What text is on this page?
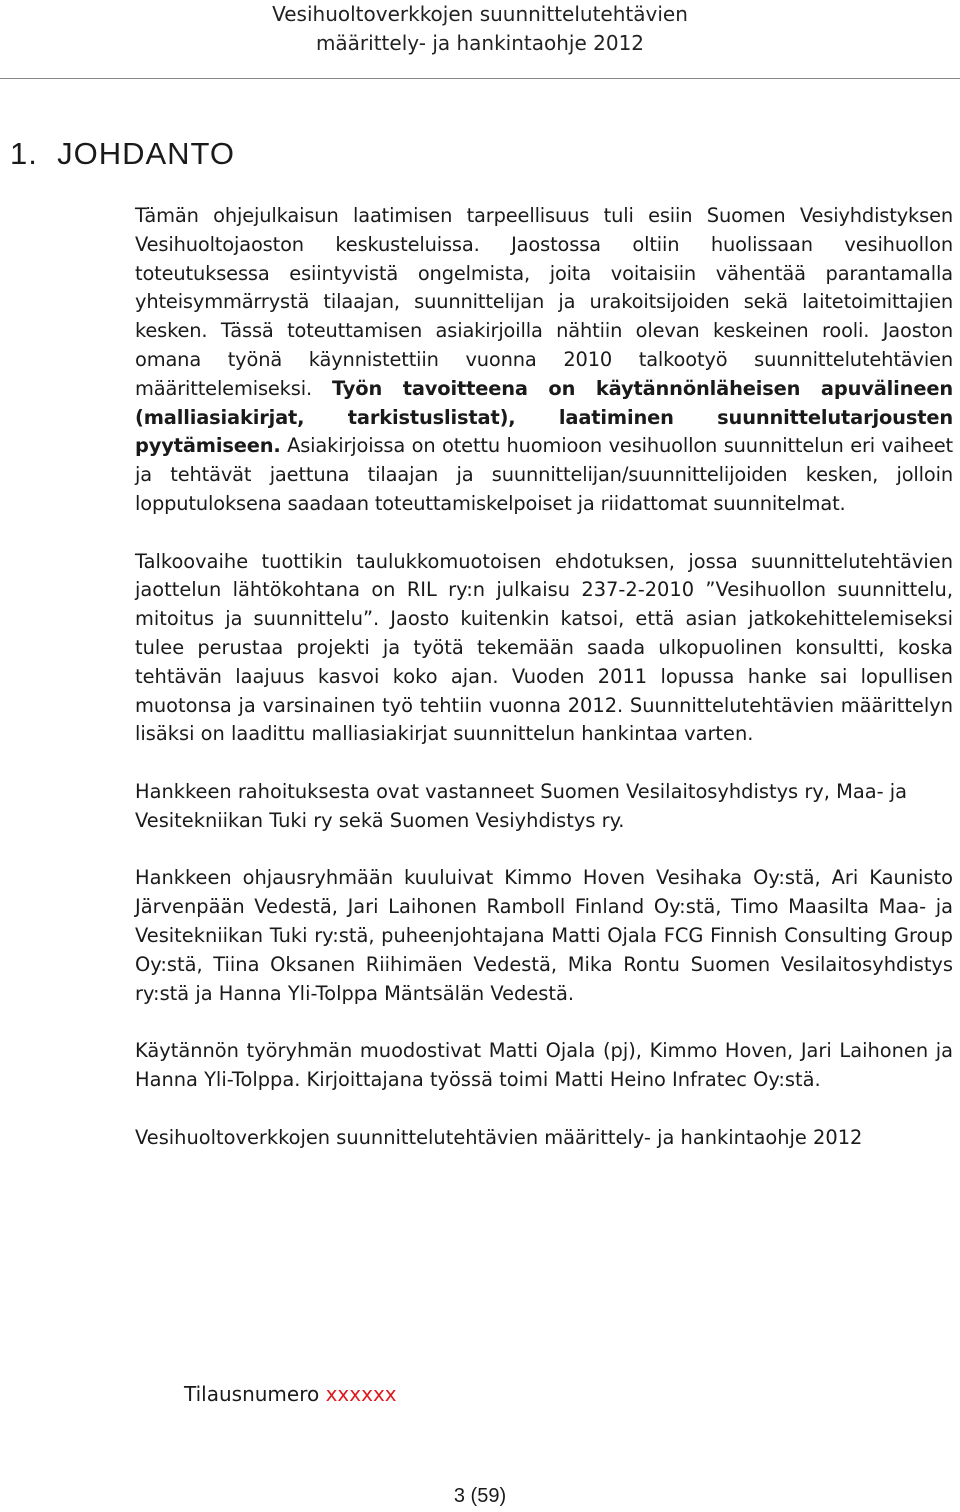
Vesihuoltoverkkojen suunnittelutehtävien
määrittely- ja hankintaohje 2012
1.  JOHDANTO

Tämän ohjejulkaisun laatimisen tarpeellisuus tuli esiin Suomen Vesiyhdistyksen Vesihuoltojaoston keskusteluissa. Jaostossa oltiin huolissaan vesihuollon toteutuksessa esiintyvistä ongelmista, joita voitaisiin vähentää parantamalla yhteisymmärrystä tilaajan, suunnittelijan ja urakoitsijoiden sekä laitetoimittajien kesken. Tässä toteuttamisen asiakirjoilla nähtiin olevan keskeinen rooli. Jaoston omana työnä käynnistettiin vuonna 2010 talkootyö suunnittelutehtävien määrittelemiseksi. Työn tavoitteena on käytännönläheisen apuvälineen (malliasiakirjat, tarkistuslistat), laatiminen suunnittelutarjousten pyytämiseen. Asiakirjoissa on otettu huomioon vesihuollon suunnittelun eri vaiheet ja tehtävät jaettuna tilaajan ja suunnittelijan/suunnittelijoiden kesken, jolloin lopputuloksena saadaan toteuttamiskelpoiset ja riidattomat suunnitelmat.

Talkoovaihe tuottikin taulukkomuotoisen ehdotuksen, jossa suunnittelutehtävien jaottelun lähtökohtana on RIL ry:n julkaisu 237-2-2010 ”Vesihuollon suunnittelu, mitoitus ja suunnittelu”. Jaosto kuitenkin katsoi, että asian jatkokehittelemiseksi tulee perustaa projekti ja työtä tekemään saada ulkopuolinen konsultti, koska tehtävän laajuus kasvoi koko ajan. Vuoden 2011 lopussa hanke sai lopullisen muotonsa ja varsinainen työ tehtiin vuonna 2012. Suunnittelutehtävien määrittelyn lisäksi on laadittu malliasiakirjat suunnittelun hankintaa varten.

Hankkeen rahoituksesta ovat vastanneet Suomen Vesilaitosyhdistys ry, Maa- ja Vesitekniikan Tuki ry sekä Suomen Vesiyhdistys ry.

Hankkeen ohjausryhmään kuuluivat Kimmo Hoven Vesihaka Oy:stä, Ari Kaunisto Järvenpään Vedestä, Jari Laihonen Ramboll Finland Oy:stä, Timo Maasilta Maa- ja Vesitekniikan Tuki ry:stä, puheenjohtajana Matti Ojala FCG Finnish Consulting Group Oy:stä, Tiina Oksanen Riihimäen Vedestä, Mika Rontu Suomen Vesilaitosyhdistys ry:stä ja Hanna Yli-Tolppa Mäntsälän Vedestä.

Käytännön työryhmän muodostivat Matti Ojala (pj), Kimmo Hoven, Jari Laihonen ja Hanna Yli-Tolppa. Kirjoittajana työssä toimi Matti Heino Infratec Oy:stä.

Vesihuoltoverkkojen suunnittelutehtävien määrittely- ja hankintaohje 2012

Tilausnumero xxxxxx
3 (59)
